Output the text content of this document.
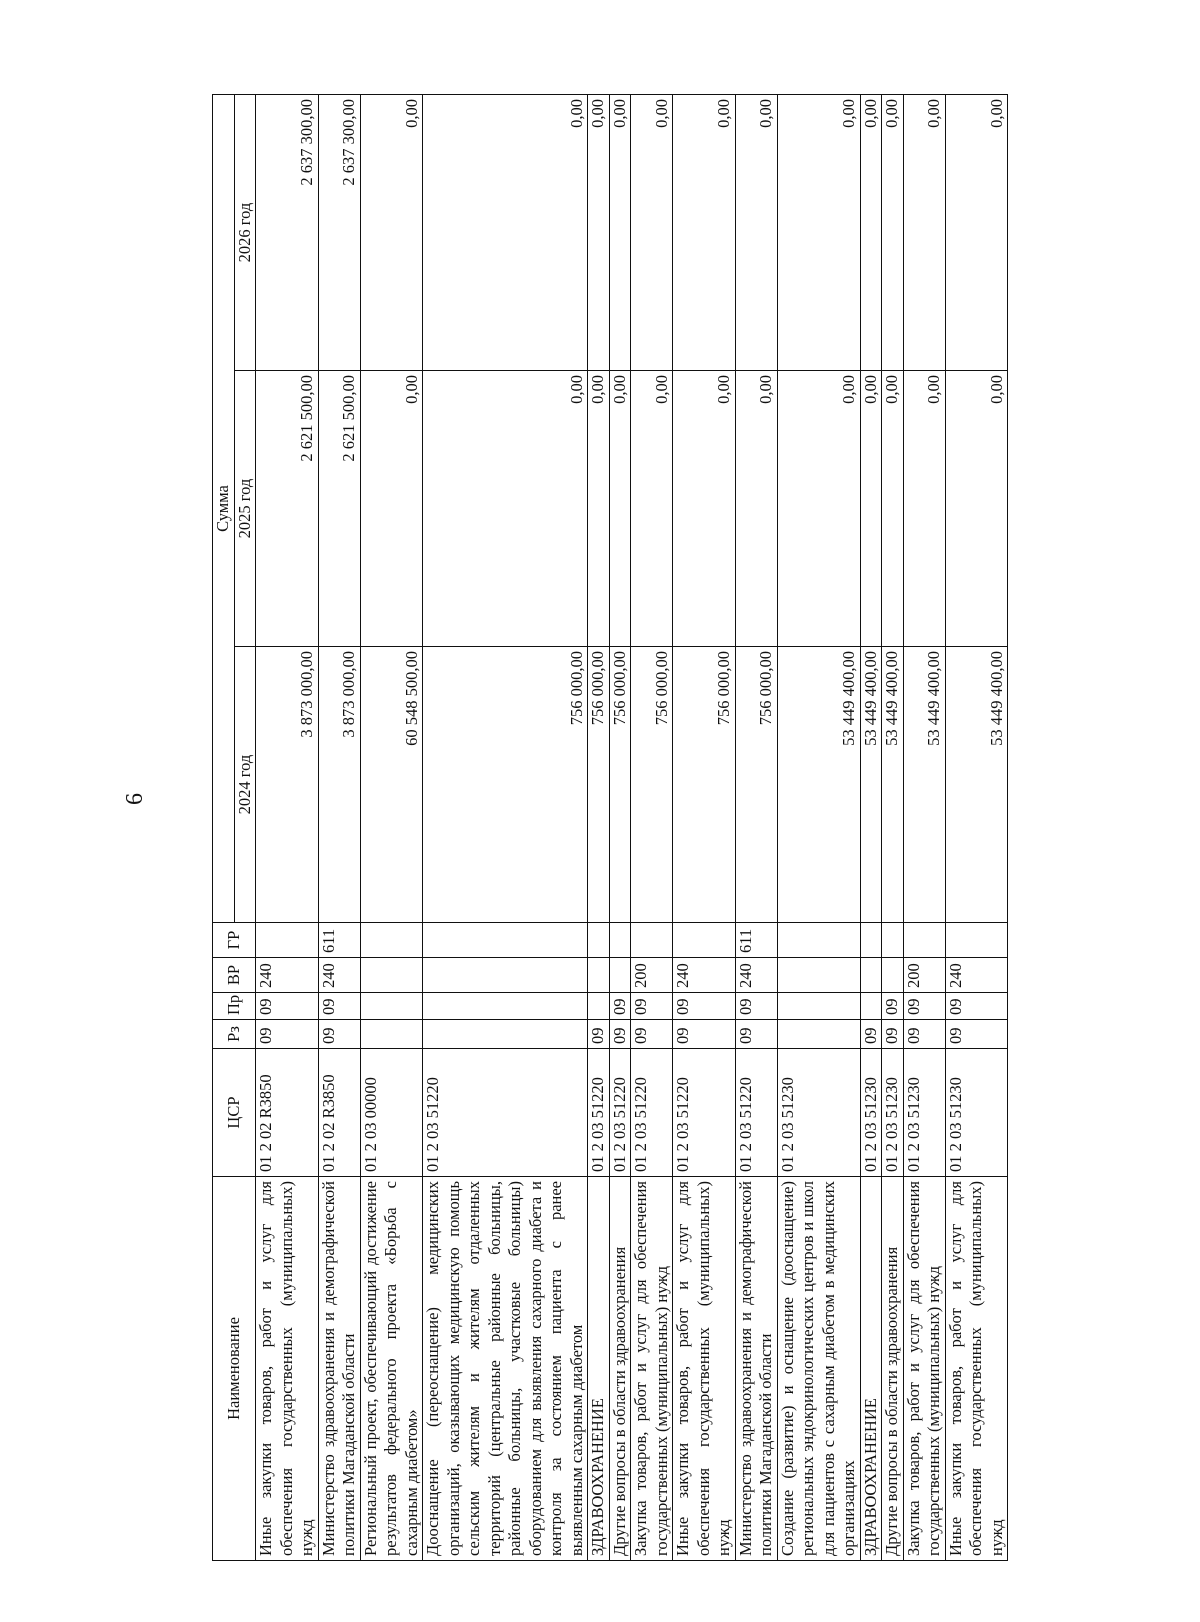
6
Наименование	ЦСР	Рз	Пр	ВР	ГР	Сумма		
						2024 год	2025 год	2026 год
Иные закупки товаров, работ и услуг для обеспечения государственных (муниципальных) нужд	01 2 02 R3850	09	09	240		3 873 000,00	2 621 500,00	2 637 300,00
Министерство здравоохранения и демографической политики Магаданской области	01 2 02 R3850	09	09	240	611	3 873 000,00	2 621 500,00	2 637 300,00
Региональный проект, обеспечивающий достижение результатов федерального проекта «Борьба с сахарным диабетом»	01 2 03 00000					60 548 500,00	0,00	0,00
Дооснащение (переоснащение) медицинских организаций, оказывающих медицинскую помощь сельским жителям и жителям отдаленных территорий (центральные районные больницы, районные больницы, участковые больницы) оборудованием для выявления сахарного диабета и контроля за состоянием пациента с ранее выявленным сахарным диабетом	01 2 03 51220					756 000,00	0,00	0,00
ЗДРАВООХРАНЕНИЕ	01 2 03 51220	09				756 000,00	0,00	0,00
Другие вопросы в области здравоохранения	01 2 03 51220	09	09			756 000,00	0,00	0,00
Закупка товаров, работ и услуг для обеспечения государственных (муниципальных) нужд	01 2 03 51220	09	09	200		756 000,00	0,00	0,00
Иные закупки товаров, работ и услуг для обеспечения государственных (муниципальных) нужд	01 2 03 51220	09	09	240		756 000,00	0,00	0,00
Министерство здравоохранения и демографической политики Магаданской области	01 2 03 51220	09	09	240	611	756 000,00	0,00	0,00
Создание (развитие) и оснащение (дооснащение) региональных эндокринологических центров и школ для пациентов с сахарным диабетом в медицинских организациях	01 2 03 51230					53 449 400,00	0,00	0,00
ЗДРАВООХРАНЕНИЕ	01 2 03 51230	09				53 449 400,00	0,00	0,00
Другие вопросы в области здравоохранения	01 2 03 51230	09	09			53 449 400,00	0,00	0,00
Закупка товаров, работ и услуг для обеспечения государственных (муниципальных) нужд	01 2 03 51230	09	09	200		53 449 400,00	0,00	0,00
Иные закупки товаров, работ и услуг для обеспечения государственных (муниципальных) нужд	01 2 03 51230	09	09	240		53 449 400,00	0,00	0,00
